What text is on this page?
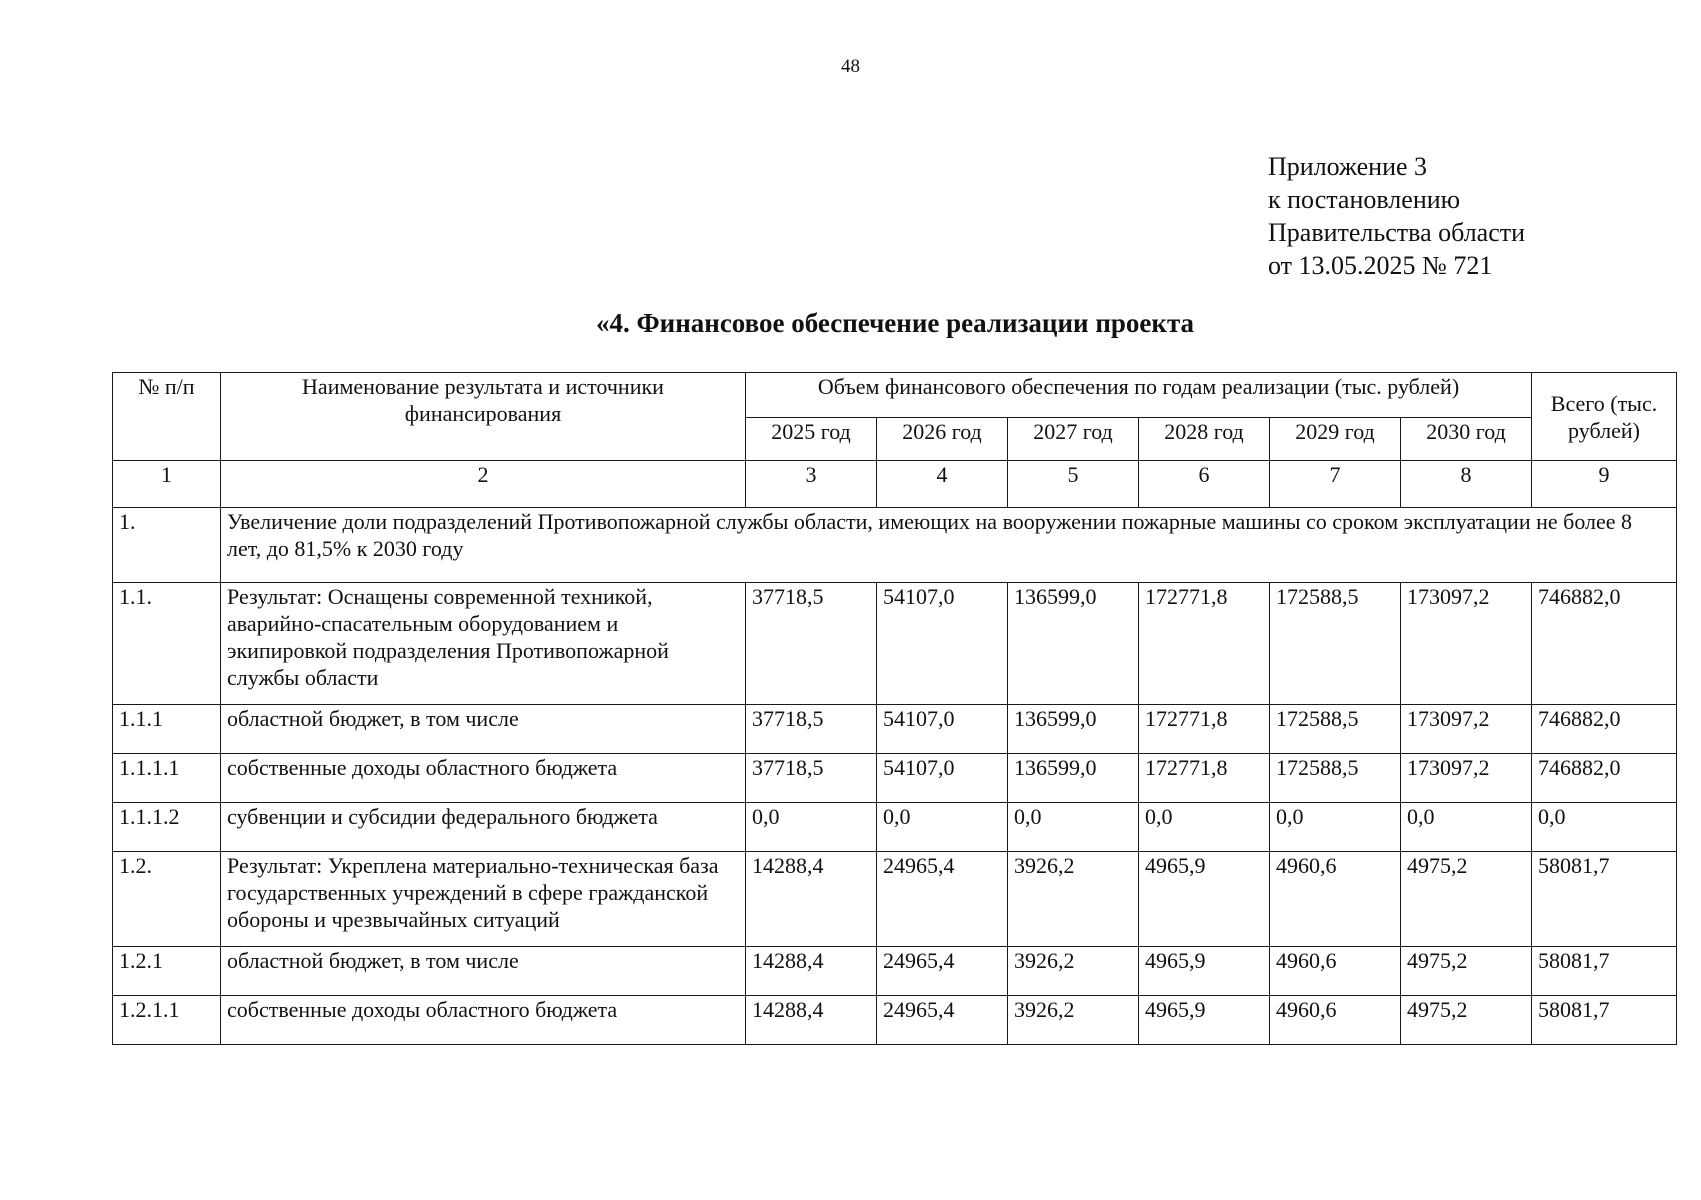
48
Приложение 3
к постановлению
Правительства области
от 13.05.2025 № 721
«4. Финансовое обеспечение реализации проекта
№ п/п	Наименование результата и источники финансирования	Объем финансового обеспечения по годам реализации (тыс. рублей)						Всего (тыс. рублей)
		2025 год	2026 год	2027 год	2028 год	2029 год	2030 год	
1	2	3	4	5	6	7	8	9
1.	Увеличение доли подразделений Противопожарной службы области, имеющих на вооружении пожарные машины со сроком эксплуатации не более 8 лет, до 81,5% к 2030 году							
1.1.	Результат: Оснащены современной техникой, аварийно-спасательным оборудованием и экипировкой подразделения Противопожарной службы области	37718,5	54107,0	136599,0	172771,8	172588,5	173097,2	746882,0
1.1.1	областной бюджет, в том числе	37718,5	54107,0	136599,0	172771,8	172588,5	173097,2	746882,0
1.1.1.1	собственные доходы областного бюджета	37718,5	54107,0	136599,0	172771,8	172588,5	173097,2	746882,0
1.1.1.2	субвенции и субсидии федерального бюджета	0,0	0,0	0,0	0,0	0,0	0,0	0,0
1.2.	Результат: Укреплена материально-техническая база государственных учреждений в сфере гражданской обороны и чрезвычайных ситуаций	14288,4	24965,4	3926,2	4965,9	4960,6	4975,2	58081,7
1.2.1	областной бюджет, в том числе	14288,4	24965,4	3926,2	4965,9	4960,6	4975,2	58081,7
1.2.1.1	собственные доходы областного бюджета	14288,4	24965,4	3926,2	4965,9	4960,6	4975,2	58081,7
